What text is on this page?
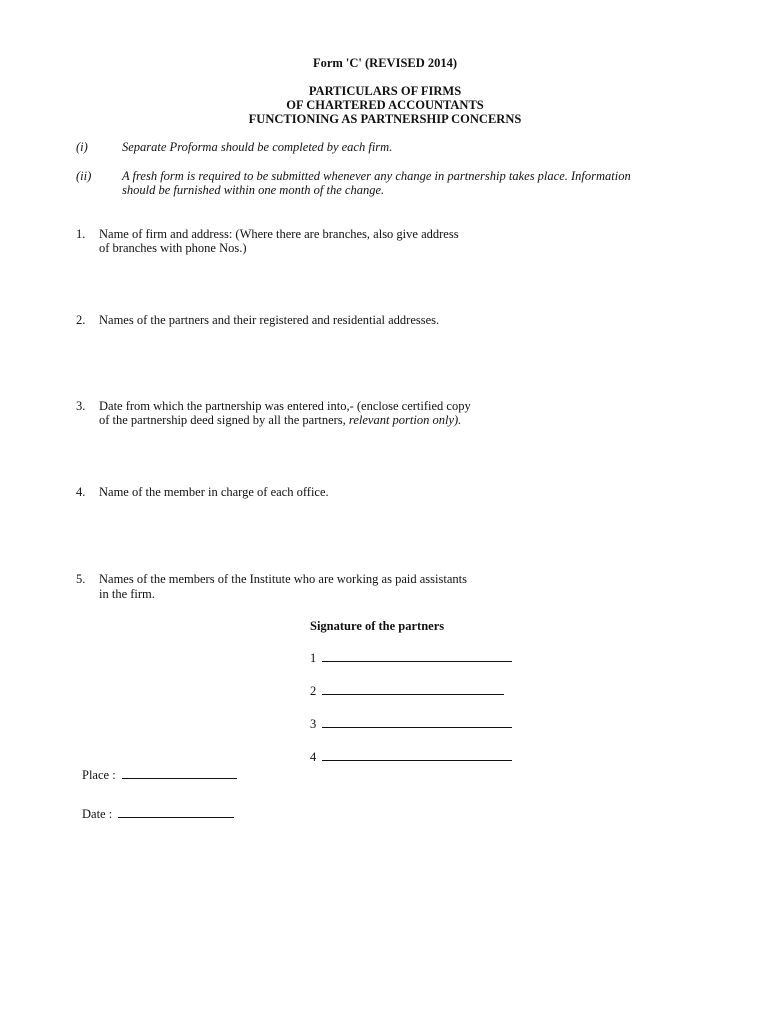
Form 'C' (REVISED 2014)
PARTICULARS OF FIRMS
OF CHARTERED ACCOUNTANTS
FUNCTIONING AS PARTNERSHIP CONCERNS
(i)	Separate Proforma should be completed by each firm.
(ii) A fresh form is required to be submitted whenever any change in partnership takes place. Information
should be furnished within one month of the change.
1.	Name of firm and address: (Where there are branches, also give address
of branches with phone Nos.)
2.	Names of the partners and their registered and residential addresses.
3.	Date from which the partnership was entered into,- (enclose certified copy
of the partnership deed signed by all the partners, relevant portion only).
4.	Name of the member in charge of each office.
5.	Names of the members of the Institute who are working as paid assistants
in the firm.
Signature of the partners
1
2
3
4
Place :
Date :
